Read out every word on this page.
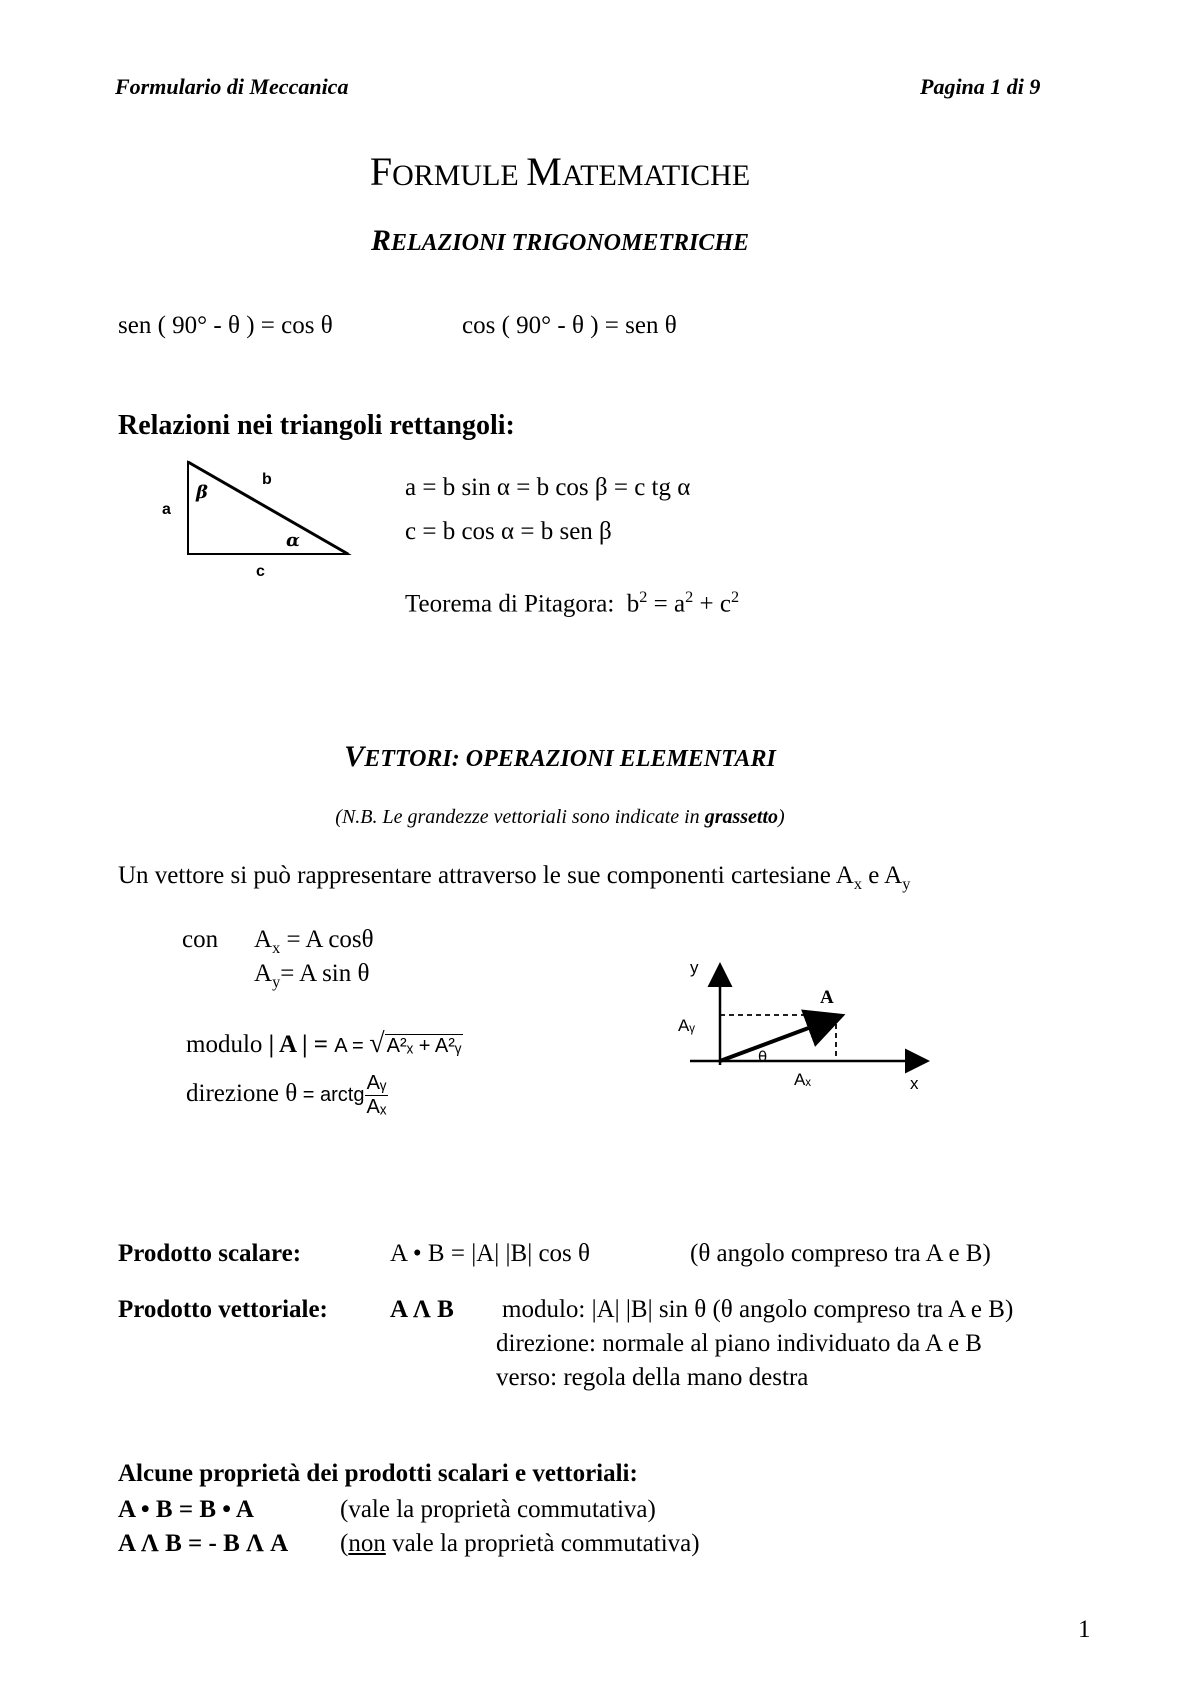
Formulario di Meccanica	Pagina 1 di 9
FORMULE MATEMATICHE
RELAZIONI TRIGONOMETRICHE
sen ( 90° - θ ) = cos θ	cos ( 90° - θ ) = sen θ
Relazioni nei triangoli rettangoli:
a
b
c
β
α
a = b sin α = b cos β = c tg α
c = b cos α = b sen β
Teorema di Pitagora: $b^2 = a^2 + c^2$
VETTORI: OPERAZIONI ELEMENTARI
(N.B. Le grandezze vettoriali sono indicate in grassetto)
Un vettore si può rappresentare attraverso le sue componenti cartesiane $A_x$ e $A_y$
con $A_x = A$ cosθ
$A_y= A$ sin θ
modulo | A | = A = √ A²ₓ + A²ᵧ
direzione θ = arctg $\frac{\text{Aᵧ}}{\text{Aₓ}}$
y
x
A
Aᵧ
Aₓ
θ
Prodotto scalare:	A • B = |A| |B| cos θ	(θ angolo compreso tra A e B)
Prodotto vettoriale: A Λ B modulo: |A| |B| sin θ (θ angolo compreso tra A e B)
direzione: normale al piano individuato da A e B
verso: regola della mano destra
Alcune proprietà dei prodotti scalari e vettoriali:
A • B = B • A	(vale la proprietà commutativa)
A Λ B = - B Λ A (non vale la proprietà commutativa)
1
